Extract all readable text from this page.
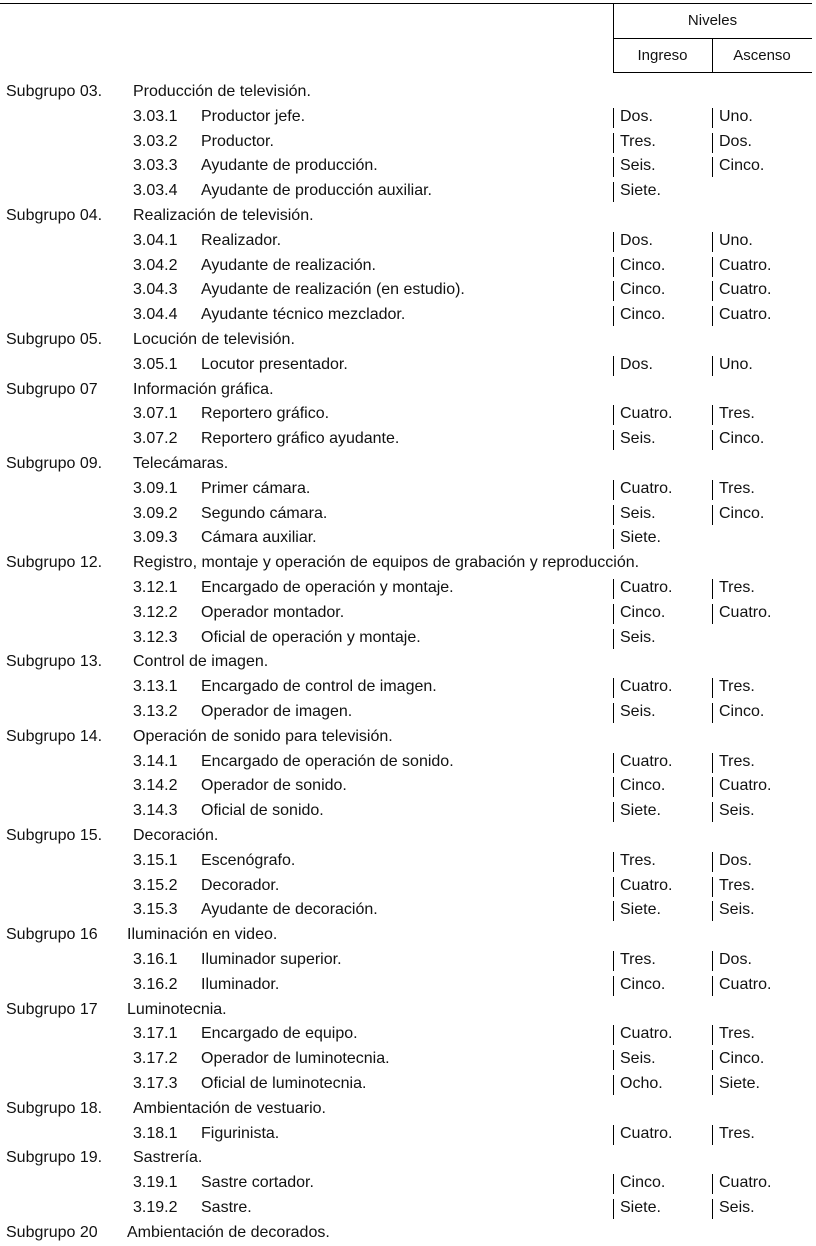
Niveles
Ingreso	Ascenso
Subgrupo 03. Producción de televisión.
3.03.1 Productor jefe.	Dos.	Uno.
3.03.2 Productor.	Tres.	Dos.
3.03.3 Ayudante de producción.	Seis.	Cinco.
3.03.4 Ayudante de producción auxiliar.	Siete.
Subgrupo 04. Realización de televisión.
3.04.1 Realizador.	Dos.	Uno.
3.04.2 Ayudante de realización.	Cinco.	Cuatro.
3.04.3 Ayudante de realización (en estudio).	Cinco.	Cuatro.
3.04.4 Ayudante técnico mezclador.	Cinco.	Cuatro.
Subgrupo 05. Locución de televisión.
3.05.1 Locutor presentador.	Dos.	Uno.
Subgrupo 07 Información gráfica.
3.07.1 Reportero gráfico.	Cuatro.	Tres.
3.07.2 Reportero gráfico ayudante.	Seis.	Cinco.
Subgrupo 09. Telecámaras.
3.09.1 Primer cámara.	Cuatro.	Tres.
3.09.2 Segundo cámara.	Seis.	Cinco.
3.09.3 Cámara auxiliar.	Siete.
Subgrupo 12. Registro, montaje y operación de equipos de grabación y reproducción.
3.12.1 Encargado de operación y montaje.	Cuatro.	Tres.
3.12.2 Operador montador.	Cinco.	Cuatro.
3.12.3 Oficial de operación y montaje.	Seis.
Subgrupo 13. Control de imagen.
3.13.1 Encargado de control de imagen.	Cuatro.	Tres.
3.13.2 Operador de imagen.	Seis.	Cinco.
Subgrupo 14. Operación de sonido para televisión.
3.14.1 Encargado de operación de sonido.	Cuatro.	Tres.
3.14.2 Operador de sonido.	Cinco.	Cuatro.
3.14.3 Oficial de sonido.	Siete.	Seis.
Subgrupo 15. Decoración.
3.15.1 Escenógrafo.	Tres.	Dos.
3.15.2 Decorador.	Cuatro.	Tres.
3.15.3 Ayudante de decoración.	Siete.	Seis.
Subgrupo 16 Iluminación en video.
3.16.1 Iluminador superior.	Tres.	Dos.
3.16.2 Iluminador.	Cinco.	Cuatro.
Subgrupo 17 Luminotecnia.
3.17.1 Encargado de equipo.	Cuatro.	Tres.
3.17.2 Operador de luminotecnia.	Seis.	Cinco.
3.17.3 Oficial de luminotecnia.	Ocho.	Siete.
Subgrupo 18. Ambientación de vestuario.
3.18.1 Figurinista.	Cuatro.	Tres.
Subgrupo 19. Sastrería.
3.19.1 Sastre cortador.	Cinco.	Cuatro.
3.19.2 Sastre.	Siete.	Seis.
Subgrupo 20 Ambientación de decorados.
